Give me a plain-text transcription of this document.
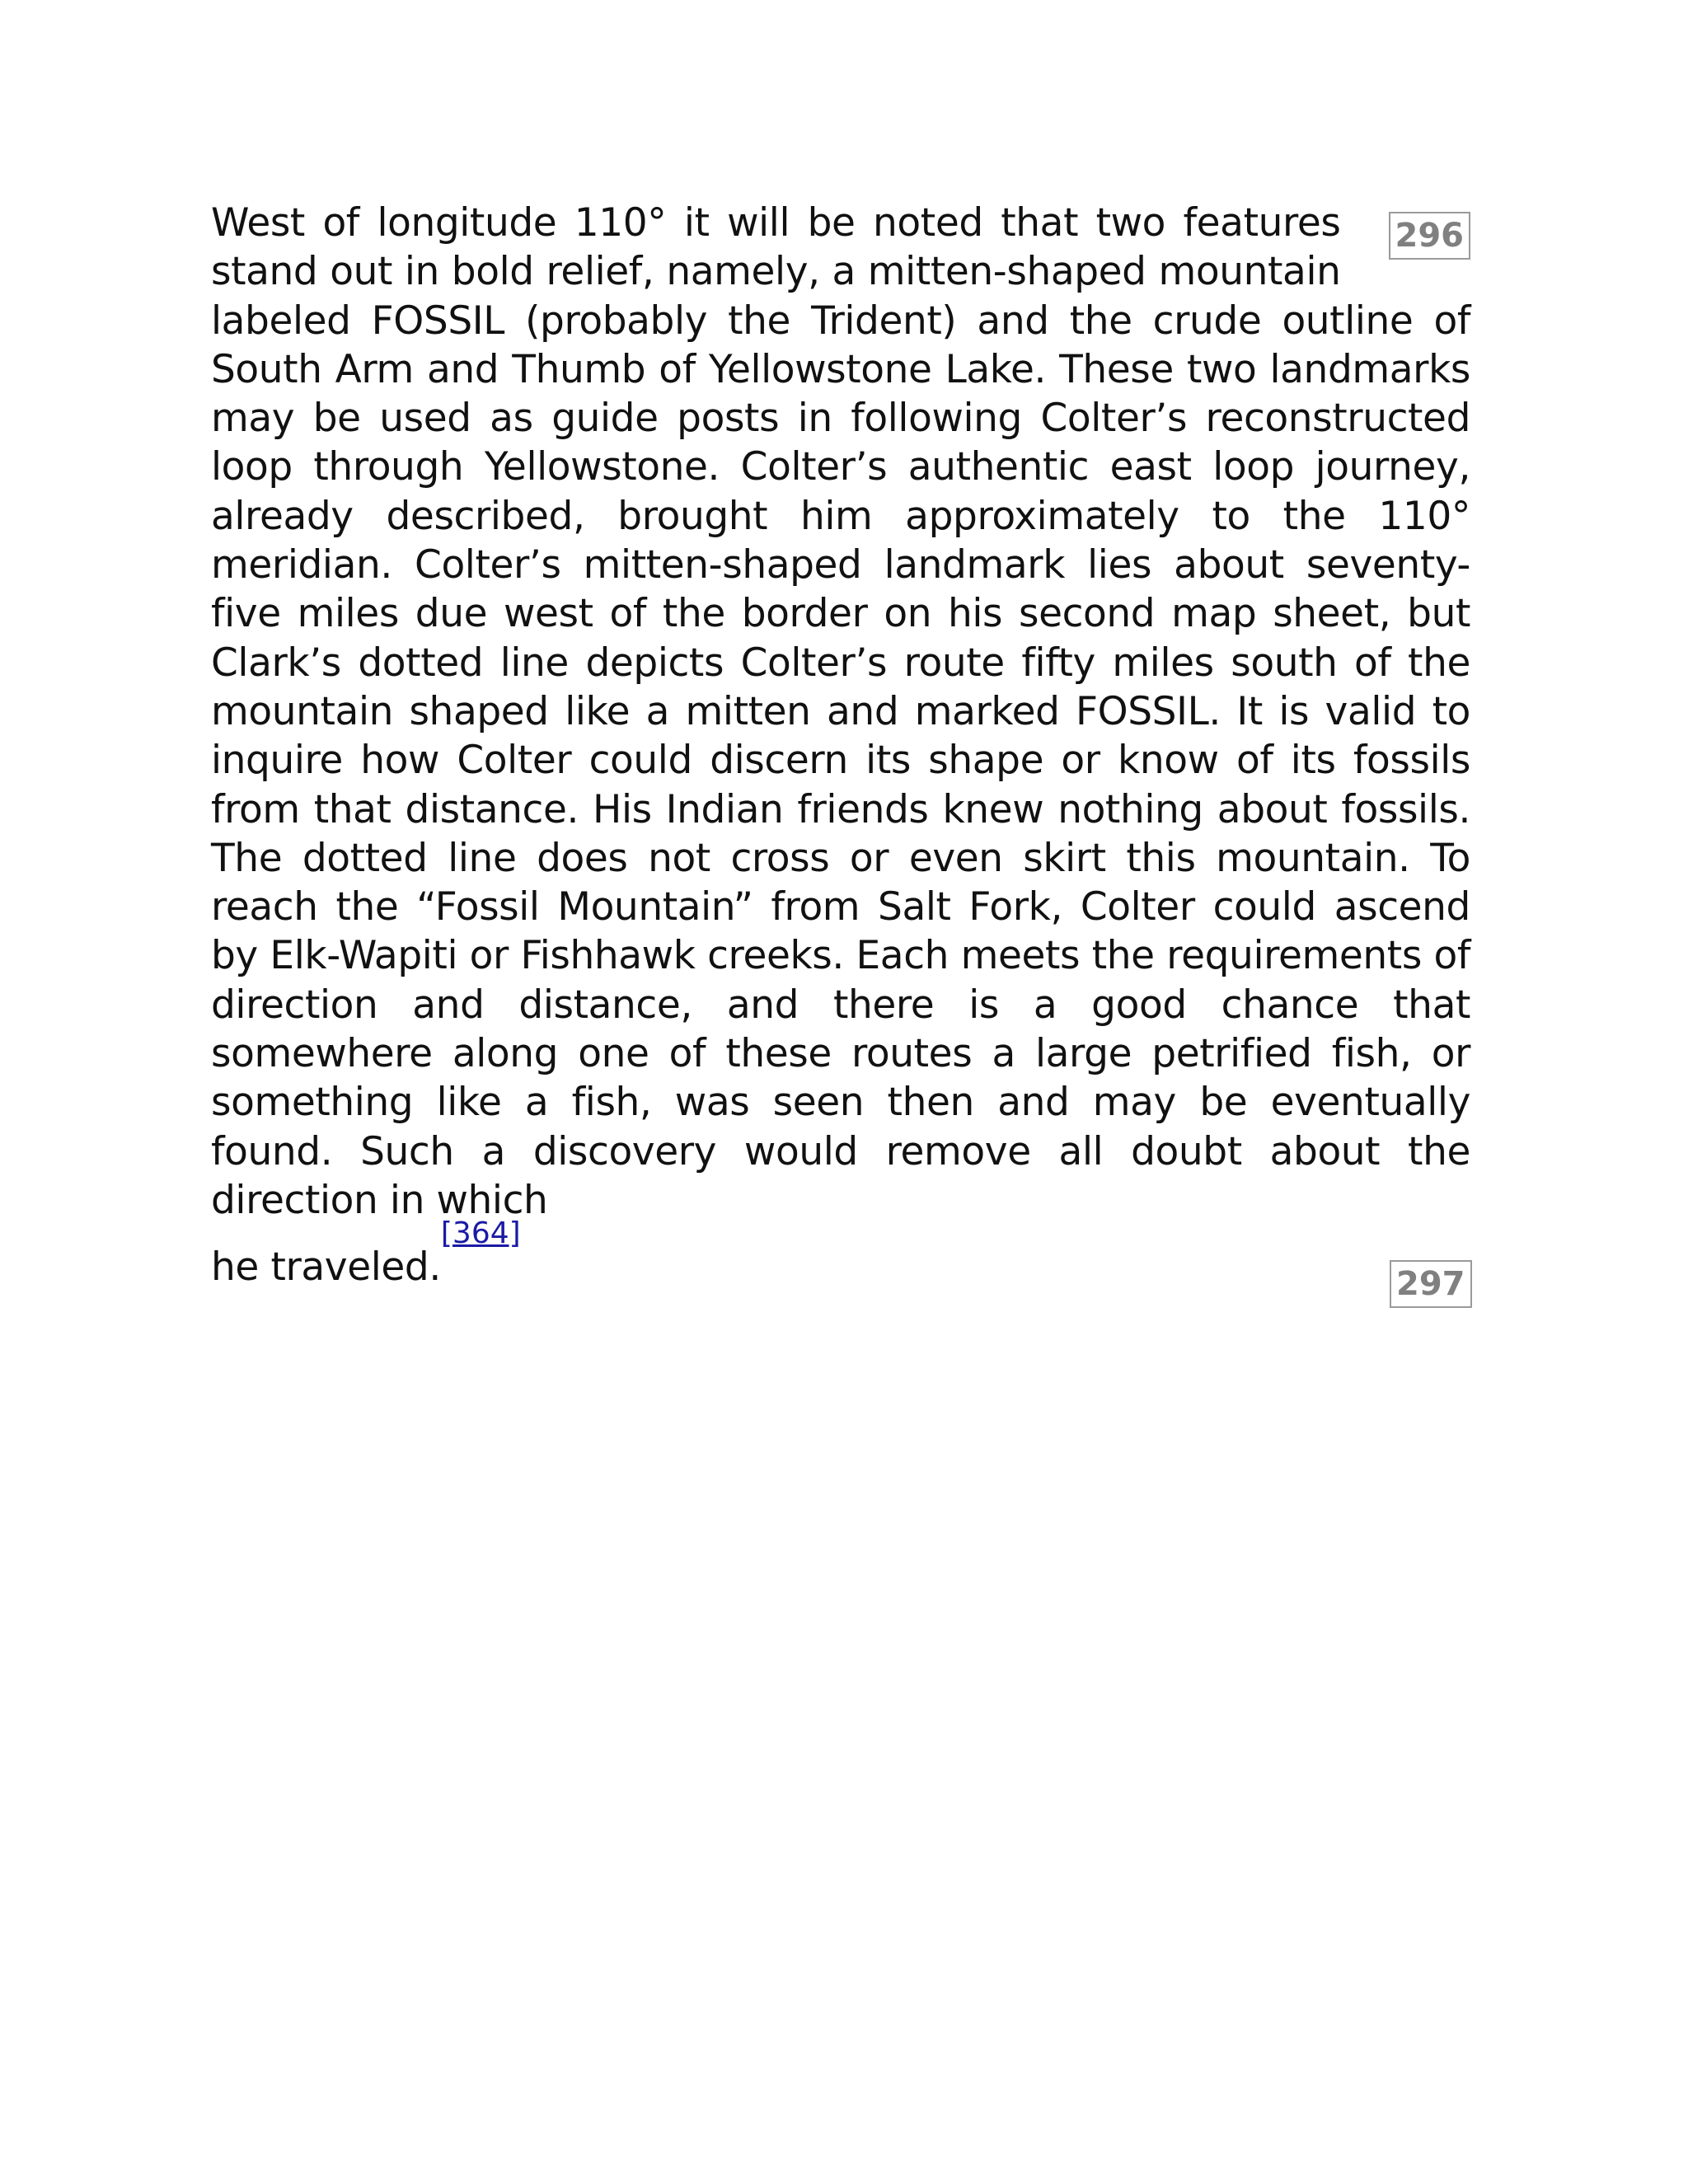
296
West of longitude 110° it will be noted that two features stand out in bold relief, namely, a mitten-shaped mountain labeled FOSSIL (probably the Trident) and the crude outline of South Arm and Thumb of Yellowstone Lake. These two landmarks may be used as guide posts in following Colter’s reconstructed loop through Yellowstone. Colter’s authentic east loop journey, already described, brought him approximately to the 110° meridian. Colter’s mitten-shaped landmark lies about seventy-five miles due west of the border on his second map sheet, but Clark’s dotted line depicts Colter’s route fifty miles south of the mountain shaped like a mitten and marked FOSSIL. It is valid to inquire how Colter could discern its shape or know of its fossils from that distance. His Indian friends knew nothing about fossils. The dotted line does not cross or even skirt this mountain. To reach the “Fossil Mountain” from Salt Fork, Colter could ascend by Elk-Wapiti or Fishhawk creeks. Each meets the requirements of direction and distance, and there is a good chance that somewhere along one of these routes a large petrified fish, or something like a fish, was seen then and may be eventually found. Such a discovery would remove all doubt about the direction in which
he traveled.[364]
297
